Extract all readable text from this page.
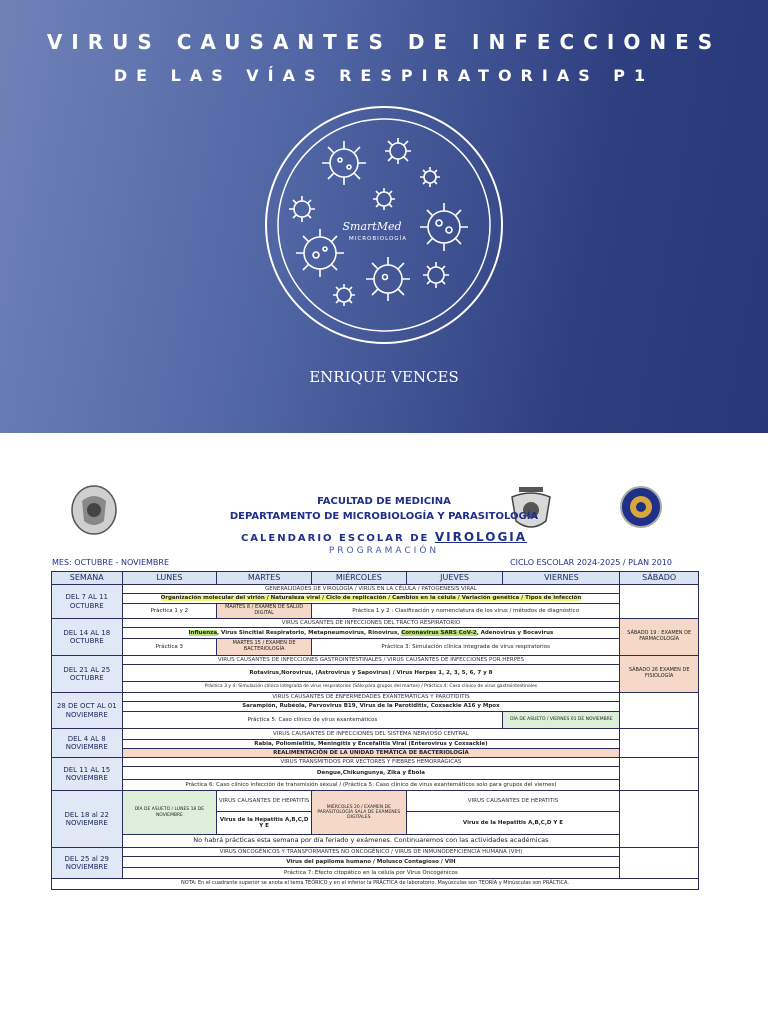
VIRUS CAUSANTES DE INFECCIONES
DE LAS VÍAS RESPIRATORIAS P1
SmartMed
MICROBIOLOGÍA
ENRIQUE VENCES
FACULTAD DE MEDICINA
DEPARTAMENTO DE MICROBIOLOGÍA Y PARASITOLOGÍA
CALENDARIO ESCOLAR DE VIROLOGIA
PROGRAMACIÓN
MES: OCTUBRE - NOVIEMBRE	CICLO ESCOLAR 2024-2025 / PLAN 2010
SEMANA	LUNES	MARTES	MIÉRCOLES	JUEVES	VIERNES	SÁBADO
DEL 7 AL 11 OCTUBRE	GENERALIDADES DE VIROLOGÍA / VIRUS EN LA CÉLULA / PATOGENESIS VIRAL					
	Organización molecular del virión / Naturaleza viral / Ciclo de replicación / Cambios en la célula / Variación genética / Tipos de infección					
	Práctica 1 y 2	MARTES 8 / EXAMEN DE SALUD DIGITAL	Práctica 1 y 2 : Clasificación y nomenclatura de los virus / métodos de diagnóstico			
DEL 14 AL 18 OCTUBRE	VIRUS CAUSANTES DE INFECCIONES DEL TRACTO RESPIRATORIO					SÁBADO 19 : EXAMEN DE FARMACOLOGÍA
	Influenza, Virus Sincitial Respiratorio, Metapneumovirus, Rinovirus, Coronavirus SARS CoV-2, Adenovirus y Bocavirus					
	Práctica 3	MARTES 15 / EXAMEN DE BACTERIOLOGÍA	Práctica 3: Simulación clínica integrada de virus respiratorios			
DEL 21 AL 25 OCTUBRE	VIRUS CAUSANTES DE INFECCIONES GASTROINTESTINALES / VIRUS CAUSANTES DE INFECCIONES POR HERPES					SÁBADO 26 EXAMEN DE FISIOLOGÍA
	Rotavirus,Norovirus, (Astrovirus y Sapovirus) / Virus Herpes 1, 2, 3, 5, 6, 7 y 8					
	Práctica 3 y 4: Simulación clínica integrada de virus respiratorios (Sólo para grupos del martes) / Práctica 4: Caso clínico de virus gastrointestinales					
28 DE OCT AL 01 NOVIEMBRE	VIRUS CAUSANTES DE ENFERMEDADES EXANTEMÁTICAS Y PAROTIDITIS					
	Sarampión, Rubéola, Parvovirus B19, Virus de la Parotiditis, Coxsackie A16 y Mpox					
	Práctica 5: Caso clínico de virus exantemáticos				DÍA DE ASUETO / VIERNES 01 DE NOVIEMBRE	
DEL 4 AL 8 NOVIEMBRE	VIRUS CAUSANTES DE INFECCIONES DEL SISTEMA NERVIOSO CENTRAL					
	Rabia, Poliomielitis, Meningitis y Encefalitis Viral (Enterovirus y Coxsackie)					
	REALIMENTACIÓN DE LA UNIDAD TEMÁTICA DE BACTERIOLOGÍA					
DEL 11 AL 15 NOVIEMBRE	VIRUS TRANSMITIDOS POR VECTORES Y FIEBRES HEMORRÁGICAS					
	Dengue,Chikungunya, Zika y Ébola					
	Práctica 6: Caso clínico infección de transmisión sexual / (Práctica 5: Caso clínico de virus exantemáticos solo para grupos del viernes)					
DEL 18 al 22 NOVIEMBRE	DÍA DE ASUETO / LUNES 18 DE NOVIEMBRE	VIRUS CAUSANTES DE HEPATITIS	MIÉRCOLES 20 / EXAMEN DE PARASITOLOGÍA SALA DE EXÁMENES DIGITALES	VIRUS CAUSANTES DE HEPATITIS		
		Virus de la Hepatitis A,B,C,D Y E		Virus de la Hepatitis A,B,C,D Y E		
	No habrá prácticas esta semana por día feriado y exámenes. Continuaremos con las actividades académicas					
DEL 25 al 29 NOVIEMBRE	VIRUS ONCOGÉNICOS Y TRANSFORMANTES NO ONCOGÉNICO / VIRUS DE INMUNODEFICIENCIA HUMANA (VIH)					
	Virus del papiloma humano / Molusco Contagioso / VIH					
	Práctica 7: Efecto citopático en la célula por Virus Oncogénicos					
NOTA: En el cuadrante superior se anota el tema TEÓRICO y en el inferior la PRÁCTICA de laboratorio. Mayúsculas son TEORÍA y Minúsculas son PRÁCTICA.						
